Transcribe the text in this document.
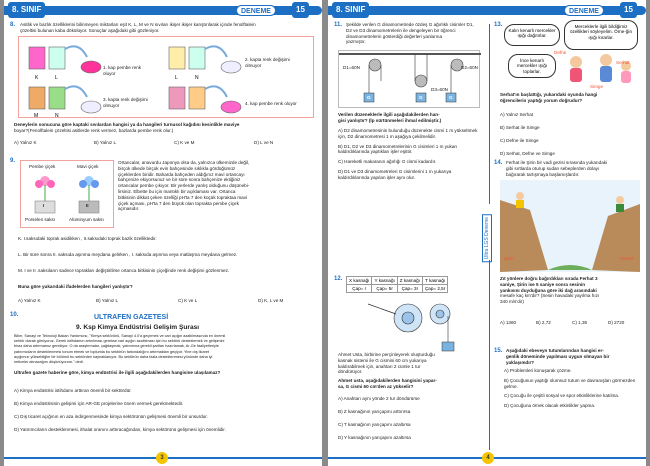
8. SINIF	DENEME	15
8. Asitlik ve bazlık özelliklerini bilinmeyen miktarları eşit K, L, M ve N sıvıları ikişer ikişer karıştırılarak içinde fenolftalein
çözeltisi bulunan kaba dökülüyor. Sonuçlar aşağıdaki gibi gözleniyor.
K	L	L	N
M	N
1. kap pembe renk oluyor
2. kapta renk değişimi olmuyor
3. kapta renk değişimi olmuyor	4. kap pembe renk oluyor
Deneylerin sonucuna göre kaptaki sıvılardan hangisi ya da hangileri turnusol kağıdını kesinlikle maviye
boyar?(Fenolftalein çözeltisi asitlerde renk vermez, bazlarda pembe renk olur.)
A) Yalnız K	B) Yalnız L	C) K ve M	D) L ve N
9.
Pembe çiçek	Mavi çiçek
I	II
Porselen saksı	Alüminyum saksı
Ortancalar, anavurdu Japonya olsa da, yalnızca ülkemizde değil,
birçok ülkede birçok evin bahçesinde sıklıkla gördüğümüz
çiçeklerden biridir. Baharda bahçeden aldığınız mavi ortancayı
bahçenize ekiyorsunuz ve bir süre sonra bahçenize ektiğiniz
ortancalar pembe çıkıyor. Bir yerlerde yanlış olduğunu düşünebi-
lirsiniz. Elbette bu için mantıklı bir açıklaması var. Ortanca
bitkisinin dikkat çeken özelliği pH'ta 7 den küçük topraktaa mavi
çiçek açması, pH'ta 7 den büyük olan toprakta pembe çiçek
açmasıdır.
K. I.saksıdaki toprak asidikken , II.saksıdaki toprak bazik özelliktedir.
L. Bir süre sonra II. saksıda aşınma meydana gelirken , I. saksıda aşınma veya matlaşma meydana gelmez.
M. I ve II .saksıların sadece toprakları değiştirilirse ortanca bitkisinin çiçeğinde renk değişimi gözlenmez.
Buna göre yukarıdaki ifadelerden hangileri yanlıştır?
A) Yalnız K	B) Yalnız L	C) K ve L	D) K, L ve M
10.	ULTRAFEN GAZETESİ
9. Ksp Kimya Endüstrisi Gelişim Şurası
Bilim, Sanayi ve Teknoloji Bakan Yardımcısı, "Kimya sektörünü, Sanayi 4.0'a geçirmek ve cari açığın azaltılmasında en önemli
sektör olarak görüyoruz. Gerek istihdamın artırılması gerekse cari açığın azaltılması için bu sektörü desteklemek ve gelişimini
biraz daha artırmamız gerekiyor. O da araştırmalar, çağdaşmak, yatırımına gerekli şartları hazırlamak, Ar-Ge faaliyetleriyle
yatırımcıların desteklenmesi tonum etmek ve toplumla bu sektörün farkındalığını artırmaktan geçiyor. Yine dış ticaret
açığımızı yükseldiğim bir bölümü bu sektörden kaynaklanıyor. Bu sektörün daha fazla desteklenmesi yönünde daha iyi
neticeler alınacağını düşünüyorum." dedi.
Ultrafen gazete haberine göre, kimya endüstrisi ile ilgili aşağıdakilerden hangisine ulaşılamaz?
A) Kimya endüstrisi istihdamı arttıran önemli bir sektördür.
B) Kimya endüstrisinin gelişimi için AR-GE projelerine önem vermek gerekmektedir.
C) Dış ticaret açığının en aza indirgenmesinde kimya sektörünün gelişmesi önemli bir unsurdur.
D) Yatırımcıların desteklenmesi, ithalat oranını arttıracağından, kimya sektörünü gelişmesi için önemlidir.
3
8. SINIF	DENEME	15
Ultra LGS Deneme
11. Şekilde verilen G dinamometrede özdeş G ağırlıklı cisimler D1,
D2 ve D3 dinamometrelerin ile dengeleyen bir öğrenci
dinamometrelerin gösterdiği değerleri yanlarına
yazmıştır.
D1=60N
D3=60N
D2=60N
G	G	G
Verilen düzeneklerle ilgili aşağıdakilerden han-
gisi yanlıştır? (İp sürtünmeleri ihmal edilmiştir.)
A) D2 dinamometresinin bulunduğu düzenekte cismi 1 m yükseltmek için, D2 dinamometresi 1 m aşağıya çekilmelidir.
B) D1, D2 ve D3 dinamometrelerinin G cisimleri 1 m yukarı kaldırdıklarında yaptıkları işler eşittir.
C) Hareketli makaranın ağırlığı G cismi kadardır.
D) D1 ve D3 dinamometreleri G cisimlerini 1 m yukarıya kaldırdıklarında yapılan işler aynı olur.
12. X kasnağı	Y kasnağı	Z kasnağı	T kasnağı
Çap= r	Çap= 5r	Çap= 3r	Çap= 2,5r
Ahmet Usta, birbirine perçinleyerek oluşturduğu
kasnak sistemi ile G cismini 60 cm yukarıya
kaldırabilmek için, anahtarı 2 cümle 1 tur
döndürüyor.
Ahmet usta, aşağıdakilerden hangisini yapar-
sa, G cismi 60 cm'den az yükselir?
A) Anahtarı aynı yönde 2 tur döndürürse
B) Z kasnağının yarıçapını arttırırsa
C) T kasnağının yarıçapını azaltırsa
D) Y kasnağının yarıçapını azaltırsa
13.
Kalın kenarlı mercekler ışığı dağıtırlar.
Merceklerle ilgili bildiğimiz özellikleri söyleyelim. Örne-ğin ışığı kırarlar.
İnce kenarlı mercekler ışığı toplarlar.
Defne
Serhat
Simge
Serhat'ın başlattığı, yukarıdaki oyunda hangi
öğrencilerin yaptığı yorum doğrudur?
A) Yalnız Serhat
B) Serhat ile Simge
C) Defne ile Simge
D) Serhat, Defne ve Simge
14. Ferhat ile Şirin bir vadi gezisi sırasında yukarıdaki
gibi sırtlarda oturup sudan sebeplerden dolayı
bağırarak tartışmaya başlamışlardır.
Şirin	Ferhat
Zıt yönlere doğru bağırdıkları sırada Ferhat 3
saniye, Şirin ise 5 saniye sonra sesinin
yankısını duyduğuna göre iki dağ arasındaki
mesafe kaç km'dir? (Sesin havadaki yayılma hızı
340 m/s'dir)
A) 1360	B) 2,72	C) 1,36	D) 2720
15. Aşağıdaki ebeveyn tutumlarından hangisi er-
genlik döneminde yapılması uygun olmayan bir
yaklaşımdır?
A) Problemleri konuşarak çözme.
B) Çocuğunun yaptığı olumsuz tutum ve davranışları görmezden gelme.
C) Çocuğu ile çeşitli sosyal ve spor etkinliklerine katılma.
D) Çocuğuna örnek olacak etkinlikler yapma.
4
